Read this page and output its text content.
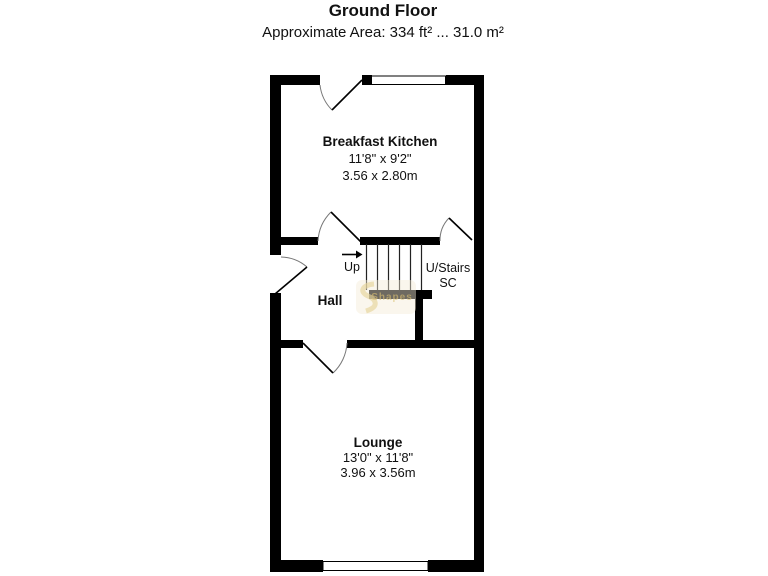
Ground Floor
Approximate Area: 334 ft² ... 31.0 m²
Up
Shapes
Breakfast Kitchen
11'8" x 9'2"
3.56 x 2.80m
Hall
U/Stairs
SC
Lounge
13'0" x 11'8"
3.96 x 3.56m
